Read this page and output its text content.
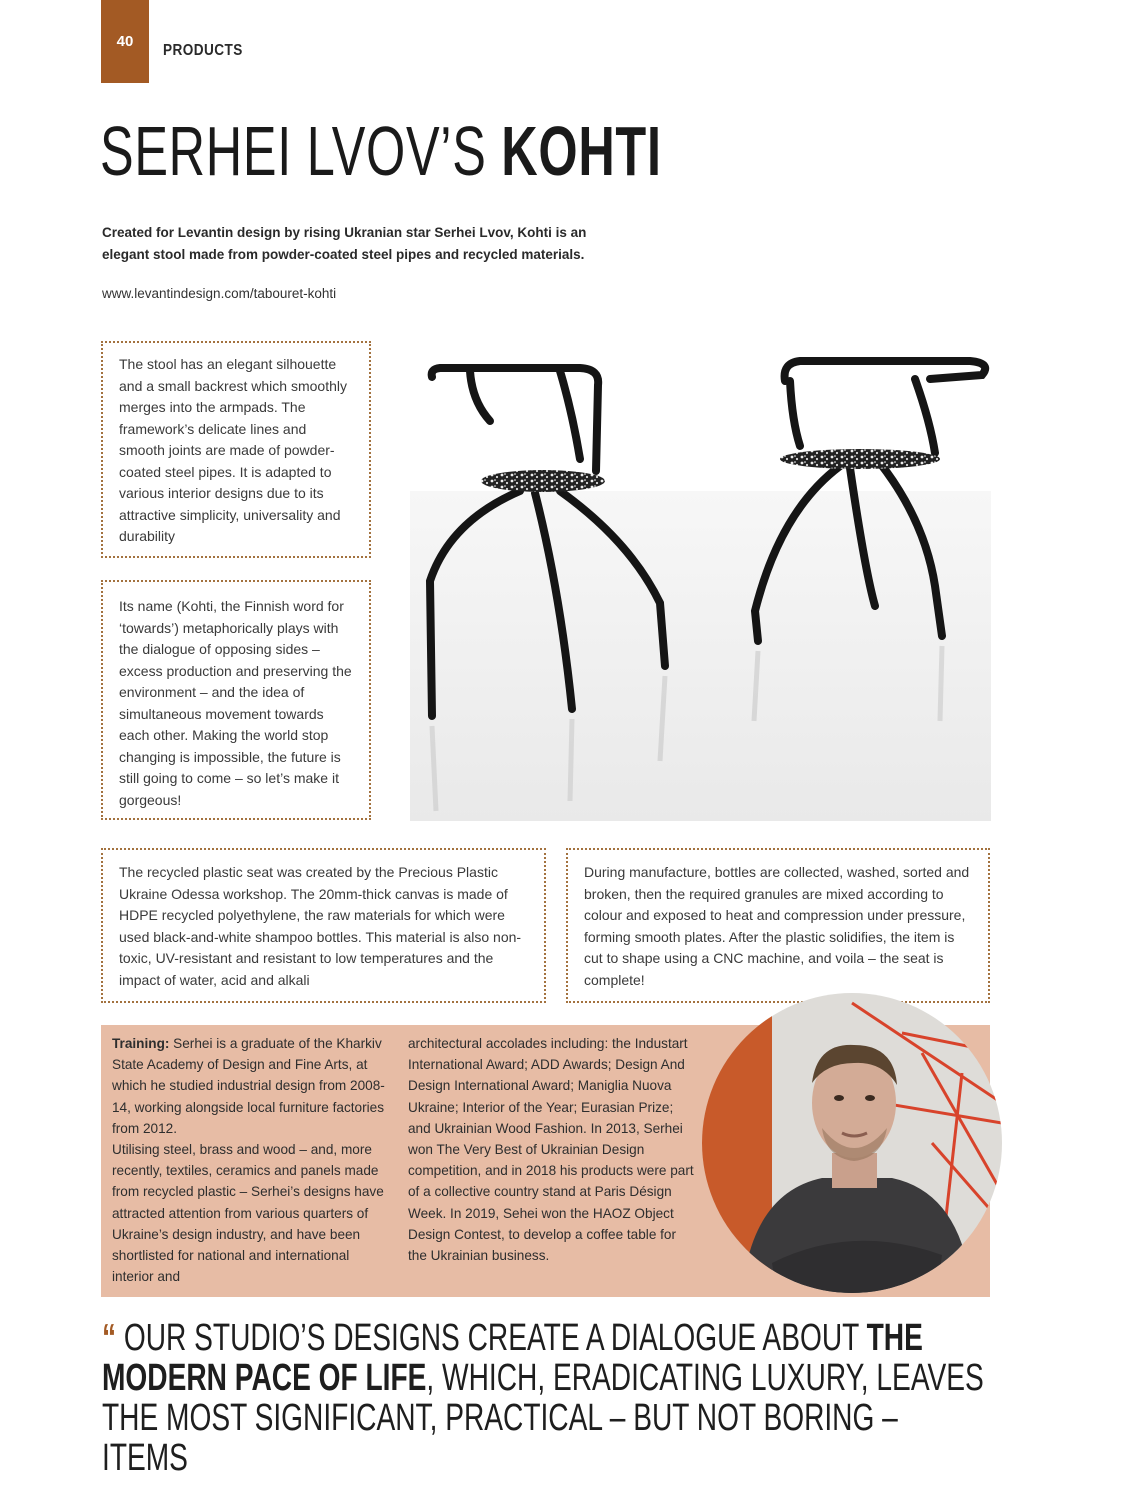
40
PRODUCTS
SERHEI LVOV’S KOHTI
Created for Levantin design by rising Ukranian star Serhei Lvov, Kohti is an
elegant stool made from powder-coated steel pipes and recycled materials.
www.levantindesign.com/tabouret-kohti
The stool has an elegant silhouette and a small backrest which smoothly merges into the armpads. The framework’s delicate lines and smooth joints are made of powder-coated steel pipes. It is adapted to various interior designs due to its attractive simplicity, universality and durability
Its name (Kohti, the Finnish word for ‘towards’) metaphorically plays with the dialogue of opposing sides – excess production and preserving the environment – and the idea of simultaneous movement towards each other. Making the world stop changing is impossible, the future is still going to come – so let’s make it gorgeous!
The recycled plastic seat was created by the Precious Plastic Ukraine Odessa workshop. The 20mm-thick canvas is made of HDPE recycled polyethylene, the raw materials for which were used black-and-white shampoo bottles. This material is also non-toxic, UV-resistant and resistant to low temperatures and the impact of water, acid and alkali
During manufacture, bottles are collected, washed, sorted and broken, then the required granules are mixed according to colour and exposed to heat and compression under pressure, forming smooth plates. After the plastic solidifies, the item is cut to shape using a CNC machine, and voila – the seat is complete!
Training: Serhei is a graduate of the Kharkiv State Academy of Design and Fine Arts, at which he studied industrial design from 2008-14, working alongside local furniture factories from 2012.
Utilising steel, brass and wood – and, more recently, textiles, ceramics and panels made from recycled plastic – Serhei’s designs have attracted attention from various quarters of Ukraine’s design industry, and have been shortlisted for national and international interior and
architectural accolades including: the Industart International Award; ADD Awards; Design And Design International Award; Maniglia Nuova Ukraine; Interior of the Year; Eurasian Prize; and Ukrainian Wood Fashion. In 2013, Serhei won The Very Best of Ukrainian Design competition, and in 2018 his products were part of a collective country stand at Paris Désign Week. In 2019, Sehei won the HAOZ Object Design Contest, to develop a coffee table for the Ukrainian business.
“ OUR STUDIO’S DESIGNS CREATE A DIALOGUE ABOUT THE MODERN PACE OF LIFE, WHICH, ERADICATING LUXURY, LEAVES THE MOST SIGNIFICANT, PRACTICAL – BUT NOT BORING – ITEMS
